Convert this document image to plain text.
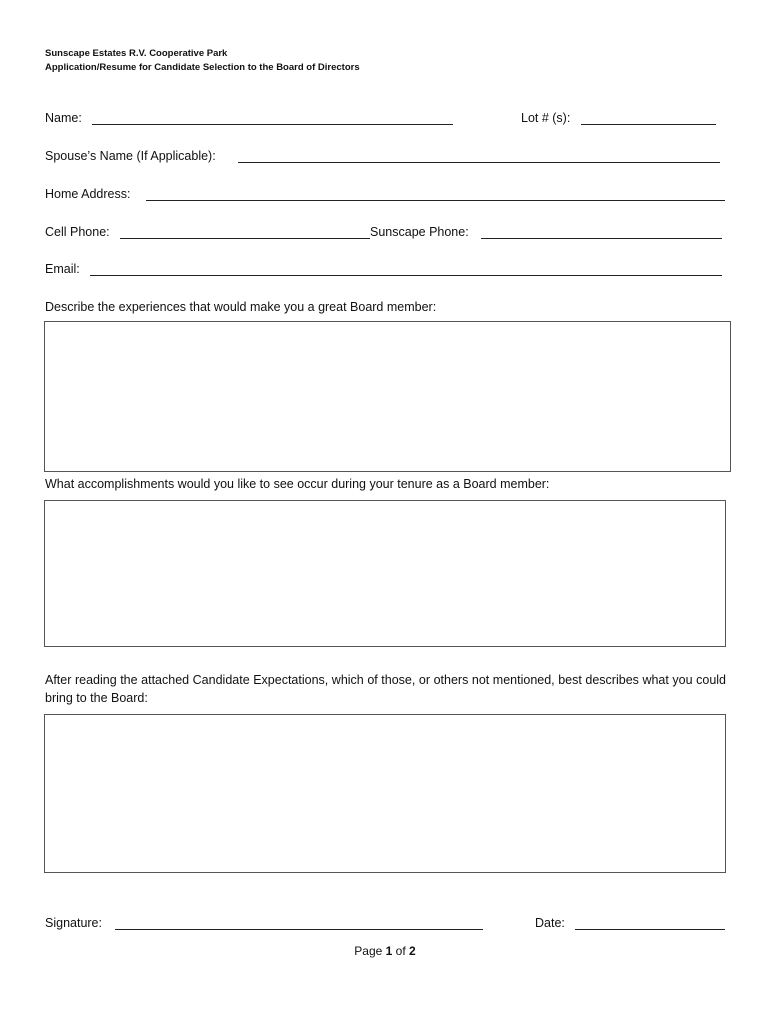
Sunscape Estates R.V. Cooperative Park
Application/Resume for Candidate Selection to the Board of Directors
Name:	Lot # (s):
Spouse’s Name (If Applicable):
Home Address:
Cell Phone:	Sunscape Phone:
Email:
Describe the experiences that would make you a great Board member:
What accomplishments would you like to see occur during your tenure as a Board member:
After reading the attached Candidate Expectations, which of those, or others not mentioned, best describes what you could bring to the Board:
Signature:	Date:
Page 1 of 2
